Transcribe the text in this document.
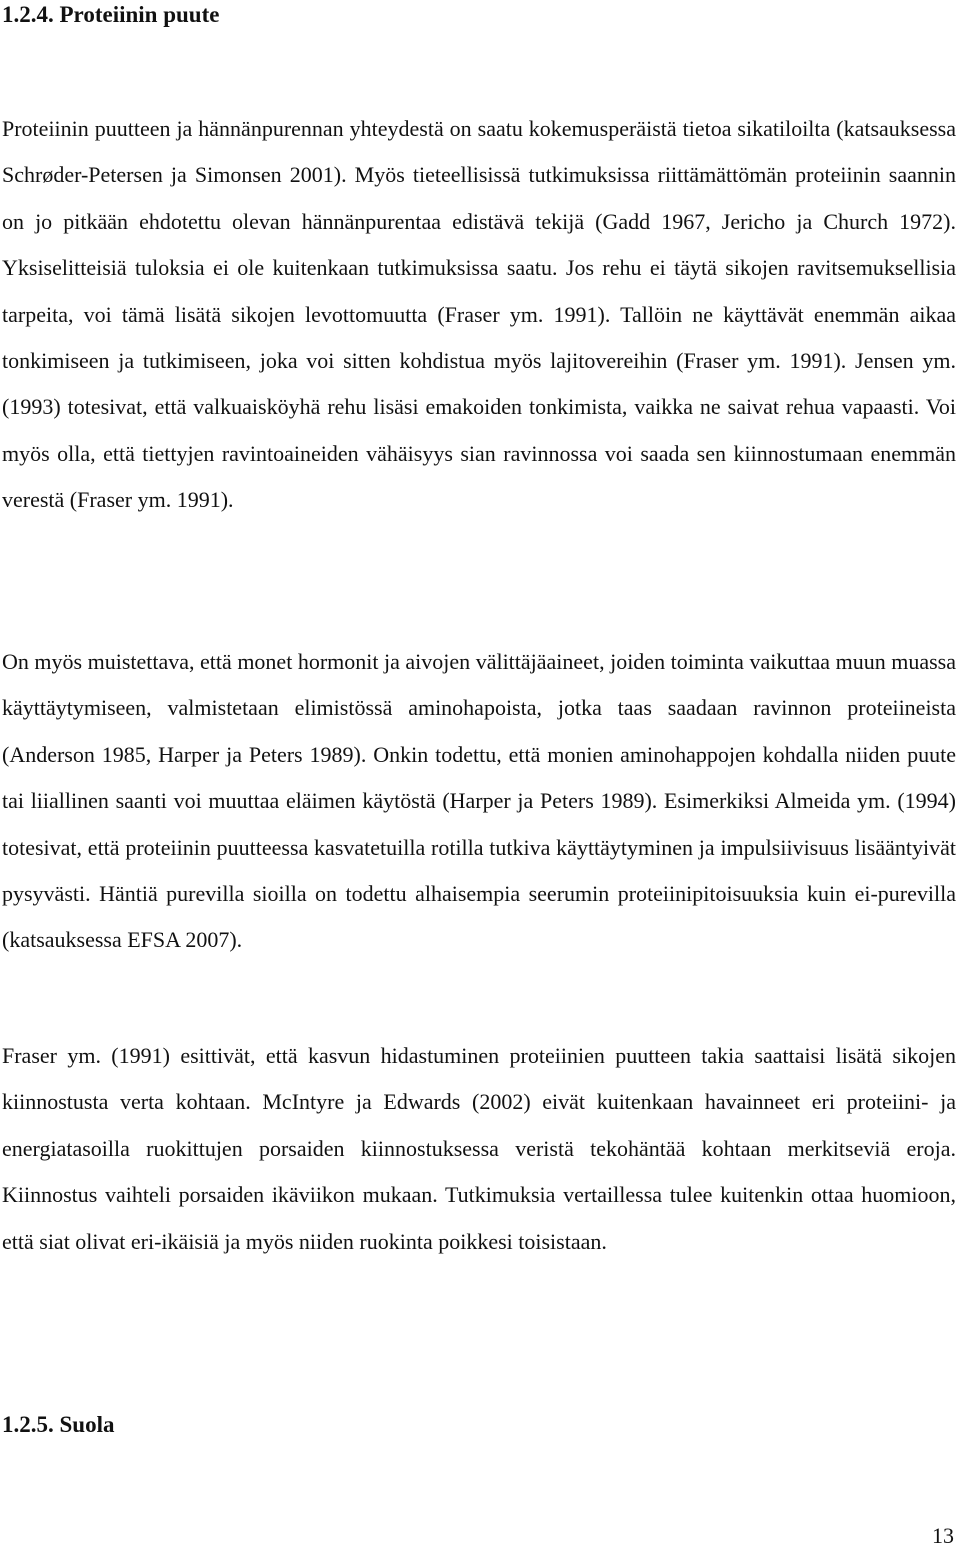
1.2.4. Proteiinin puute

Proteiinin puutteen ja hännänpurennan yhteydestä on saatu kokemusperäistä tietoa sikatiloilta (katsauksessa Schrøder-Petersen ja Simonsen 2001). Myös tieteellisissä tutkimuksissa riittämättömän proteiinin saannin on jo pitkään ehdotettu olevan hännänpurentaa edistävä tekijä (Gadd 1967, Jericho ja Church 1972). Yksiselitteisiä tuloksia ei ole kuitenkaan tutkimuksissa saatu. Jos rehu ei täytä sikojen ravitsemuksellisia tarpeita, voi tämä lisätä sikojen levottomuutta (Fraser ym. 1991). Tallöin ne käyttävät enemmän aikaa tonkimiseen ja tutkimiseen, joka voi sitten kohdistua myös lajitovereihin (Fraser ym. 1991). Jensen ym. (1993) totesivat, että valkuaisköyhä rehu lisäsi emakoiden tonkimista, vaikka ne saivat rehua vapaasti. Voi myös olla, että tiettyjen ravintoaineiden vähäisyys sian ravinnossa voi saada sen kiinnostumaan enemmän verestä (Fraser ym. 1991).

On myös muistettava, että monet hormonit ja aivojen välittäjäaineet, joiden toiminta vaikuttaa muun muassa käyttäytymiseen, valmistetaan elimistössä aminohapoista, jotka taas saadaan ravinnon proteiineista (Anderson 1985, Harper ja Peters 1989). Onkin todettu, että monien aminohappojen kohdalla niiden puute tai liiallinen saanti voi muuttaa eläimen käytöstä (Harper ja Peters 1989). Esimerkiksi Almeida ym. (1994) totesivat, että proteiinin puutteessa kasvatetuilla rotilla tutkiva käyttäytyminen ja impulsiivisuus lisääntyivät pysyvästi. Häntiä purevilla sioilla on todettu alhaisempia seerumin proteiinipitoisuuksia kuin ei-purevilla (katsauksessa EFSA 2007).

Fraser ym. (1991) esittivät, että kasvun hidastuminen proteiinien puutteen takia saattaisi lisätä sikojen kiinnostusta verta kohtaan. McIntyre ja Edwards (2002) eivät kuitenkaan havainneet eri proteiini- ja energiatasoilla ruokittujen porsaiden kiinnostuksessa veristä tekohäntää kohtaan merkitseviä eroja. Kiinnostus vaihteli porsaiden ikäviikon mukaan. Tutkimuksia vertaillessa tulee kuitenkin ottaa huomioon, että siat olivat eri-ikäisiä ja myös niiden ruokinta poikkesi toisistaan.

1.2.5. Suola
13
